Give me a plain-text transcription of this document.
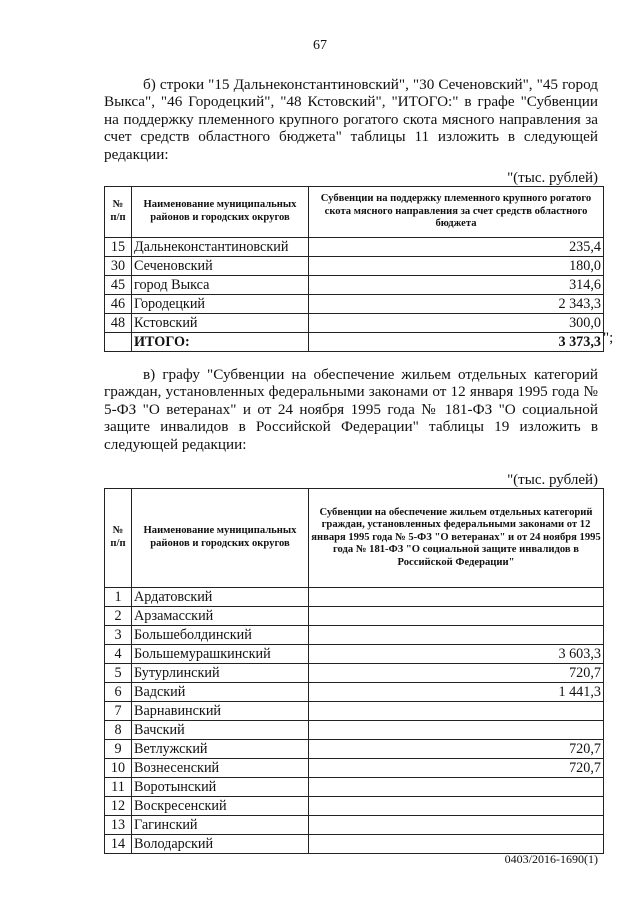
67

б) строки "15 Дальнеконстантиновский", "30 Сеченовский", "45 город Выкса", "46 Городецкий", "48 Кстовский", "ИТОГО:" в графе "Субвенции на поддержку племенного крупного рогатого скота мясного направления за счет средств областного бюджета" таблицы 11 изложить в следующей редакции:

"(тыс. рублей)
№ п/п	Наименование муниципальных районов и городских округов	Субвенции на поддержку племенного крупного рогатого скота мясного направления за счет средств областного бюджета
15	Дальнеконстантиновский	235,4
30	Сеченовский	180,0
45	город Выкса	314,6
46	Городецкий	2 343,3
48	Кстовский	300,0
	ИТОГО:	3 373,3 ";

в) графу "Субвенции на обеспечение жильем отдельных категорий граждан, установленных федеральными законами от 12 января 1995 года № 5-ФЗ "О ветеранах" и от 24 ноября 1995 года № 181-ФЗ "О социальной защите инвалидов в Российской Федерации" таблицы 19 изложить в следующей редакции:

"(тыс. рублей)
№ п/п	Наименование муниципальных районов и городских округов	Субвенции на обеспечение жильем отдельных категорий граждан, установленных федеральными законами от 12 января 1995 года № 5-ФЗ "О ветеранах" и от 24 ноября 1995 года № 181-ФЗ "О социальной защите инвалидов в Российской Федерации"
1	Ардатовский	
2	Арзамасский	
3	Большеболдинский	
4	Большемурашкинский	3 603,3
5	Бутурлинский	720,7
6	Вадский	1 441,3
7	Варнавинский	
8	Вачский	
9	Ветлужский	720,7
10	Вознесенский	720,7
11	Воротынский	
12	Воскресенский	
13	Гагинский	
14	Володарский	
0403/2016-1690(1)
